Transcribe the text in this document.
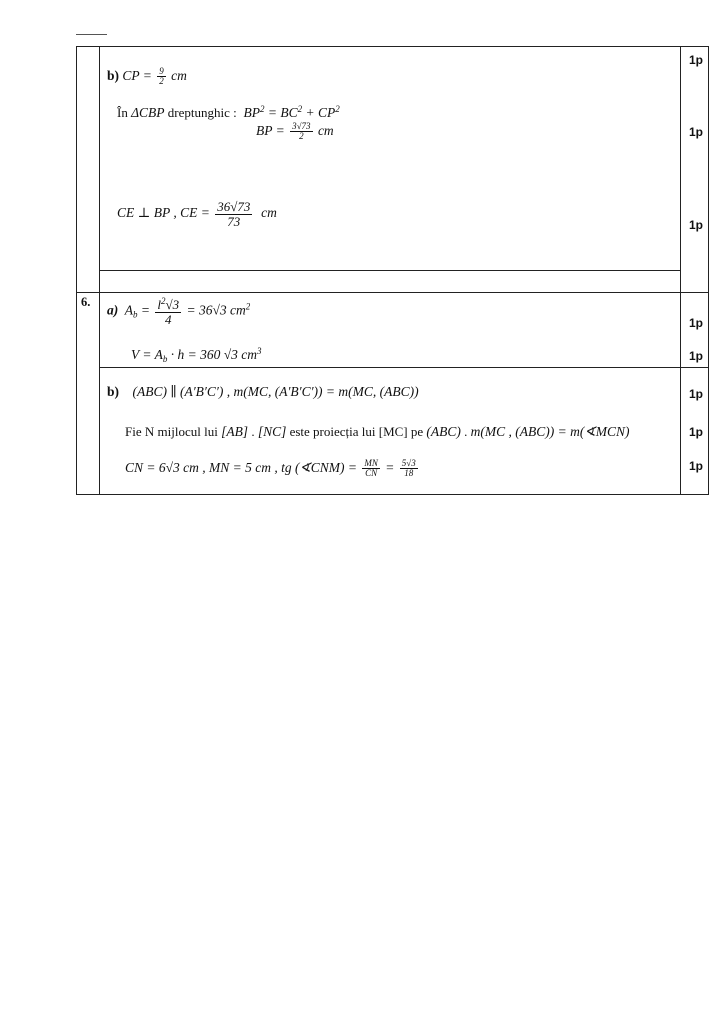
b) CP = $\frac{9}{2}$ cm
În ΔCBP dreptunghic : $BP^2 = BC^2 + CP^2$
BP = $\frac{3√73}{2}$ cm
CE ⊥ BP , CE = $\frac{36√73}{73}$ cm
1p
1p
1p
6.
a) $A_b = \frac{l^2√3}{4} = 36√3$ $cm^2$
$V = A_b \cdot h = 360$ √3 $cm^3$
b) (ABC) ∥ (A′B′C′) , m(MC, (A′B′C′)) = m(MC, (ABC))
Fie N mijlocul lui [AB] . [NC] este proiecția lui [MC] pe (ABC) . m(MC , (ABC)) = m(∢MCN)
CN = 6√3 cm , MN = 5 cm , tg (∢CNM) = $\frac{MN}{CN} = \frac{5√3}{18}$
1p
1p
1p
1p
1p
